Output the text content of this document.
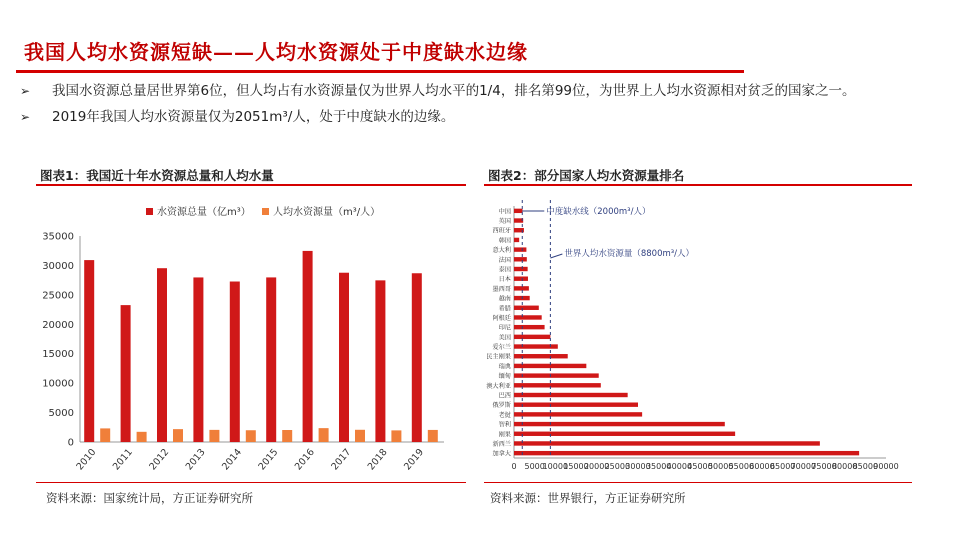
我国人均水资源短缺——人均水资源处于中度缺水边缘
➢ 我国水资源总量居世界第6位，但人均占有水资源量仅为世界人均水平的1/4，排名第99位，为世界上人均水资源相对贫乏的国家之一。
➢ 2019年我国人均水资源量仅为2051m³/人，处于中度缺水的边缘。
图表1：我国近十年水资源总量和人均水量	图表2：部分国家人均水资源量排名
水资源总量（亿m³） 人均水资源量（m³/人）
0
5000
10000
15000
20000
25000
30000
35000
2010 2011 2012 2013 2014 2015 2016 2017 2018 2019
中国
英国
西班牙
韩国
意大利
法国
泰国
日本
墨西哥
越南
希腊
阿根廷
印尼
美国
爱尔兰
民主刚果
瑞典
缅甸
澳大利亚
巴西
俄罗斯
老挝
智利
刚果
新西兰
加拿大
0 5000
10000
15000
20000
25000
30000
35000
40000
45000
50000
55000
60000
65000
70000
75000
80000
85000
90000
中度缺水线（2000m³/人）
世界人均水资源量（8800m³/人）
资料来源：国家统计局，方正证券研究所	资料来源：世界银行，方正证券研究所
